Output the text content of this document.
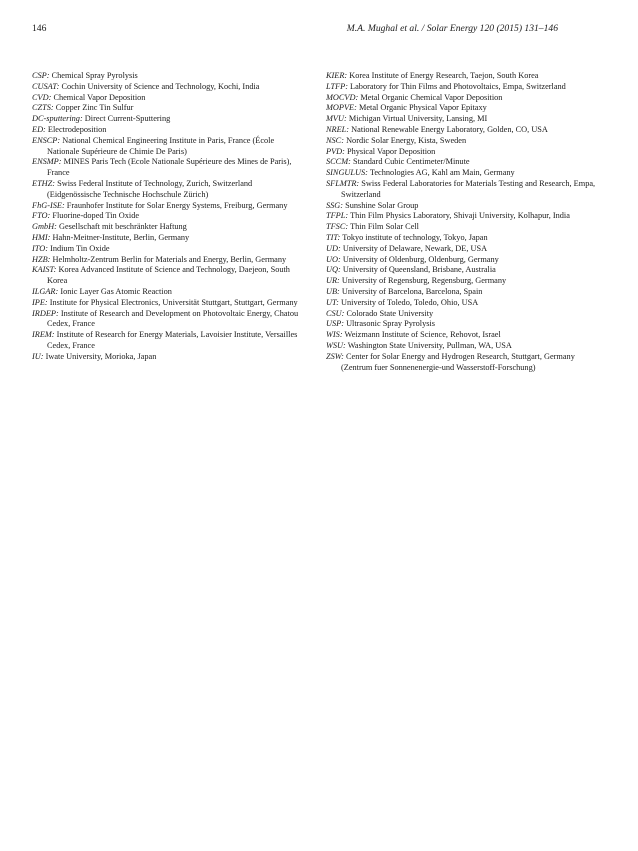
146	M.A. Mughal et al. / Solar Energy 120 (2015) 131–146

CSP: Chemical Spray Pyrolysis

CUSAT: Cochin University of Science and Technology, Kochi, India

CVD: Chemical Vapor Deposition

CZTS: Copper Zinc Tin Sulfur

DC-sputtering: Direct Current-Sputtering

ED: Electrodeposition

ENSCP: National Chemical Engineering Institute in Paris, France (École Nationale Supérieure de Chimie De Paris)

ENSMP: MINES Paris Tech (Ecole Nationale Supérieure des Mines de Paris), France

ETHZ: Swiss Federal Institute of Technology, Zurich, Switzerland (Eidgenössische Technische Hochschule Zürich)

FhG-ISE: Fraunhofer Institute for Solar Energy Systems, Freiburg, Germany

FTO: Fluorine-doped Tin Oxide

GmbH: Gesellschaft mit beschränkter Haftung

HMI: Hahn-Meitner-Institute, Berlin, Germany

ITO: Indium Tin Oxide

HZB: Helmholtz-Zentrum Berlin for Materials and Energy, Berlin, Germany

KAIST: Korea Advanced Institute of Science and Technology, Daejeon, South Korea

ILGAR: Ionic Layer Gas Atomic Reaction

IPE: Institute for Physical Electronics, Universität Stuttgart, Stuttgart, Germany

IRDEP: Institute of Research and Development on Photovoltaic Energy, Chatou Cedex, France

IREM: Institute of Research for Energy Materials, Lavoisier Institute, Versailles Cedex, France

IU: Iwate University, Morioka, Japan

KIER: Korea Institute of Energy Research, Taejon, South Korea

LTFP: Laboratory for Thin Films and Photovoltaics, Empa, Switzerland

MOCVD: Metal Organic Chemical Vapor Deposition

MOPVE: Metal Organic Physical Vapor Epitaxy

MVU: Michigan Virtual University, Lansing, MI

NREL: National Renewable Energy Laboratory, Golden, CO, USA

NSC: Nordic Solar Energy, Kista, Sweden

PVD: Physical Vapor Deposition

SCCM: Standard Cubic Centimeter/Minute

SINGULUS: Technologies AG, Kahl am Main, Germany

SFLMTR: Swiss Federal Laboratories for Materials Testing and Research, Empa, Switzerland

SSG: Sunshine Solar Group

TFPL: Thin Film Physics Laboratory, Shivaji University, Kolhapur, India

TFSC: Thin Film Solar Cell

TIT: Tokyo institute of technology, Tokyo, Japan

UD: University of Delaware, Newark, DE, USA

UO: University of Oldenburg, Oldenburg, Germany

UQ: University of Queensland, Brisbane, Australia

UR: University of Regensburg, Regensburg, Germany

UB: University of Barcelona, Barcelona, Spain

UT: University of Toledo, Toledo, Ohio, USA

CSU: Colorado State University

USP: Ultrasonic Spray Pyrolysis

WIS: Weizmann Institute of Science, Rehovot, Israel

WSU: Washington State University, Pullman, WA, USA

ZSW: Center for Solar Energy and Hydrogen Research, Stuttgart, Germany (Zentrum fuer Sonnenenergie-und Wasserstoff-Forschung)
